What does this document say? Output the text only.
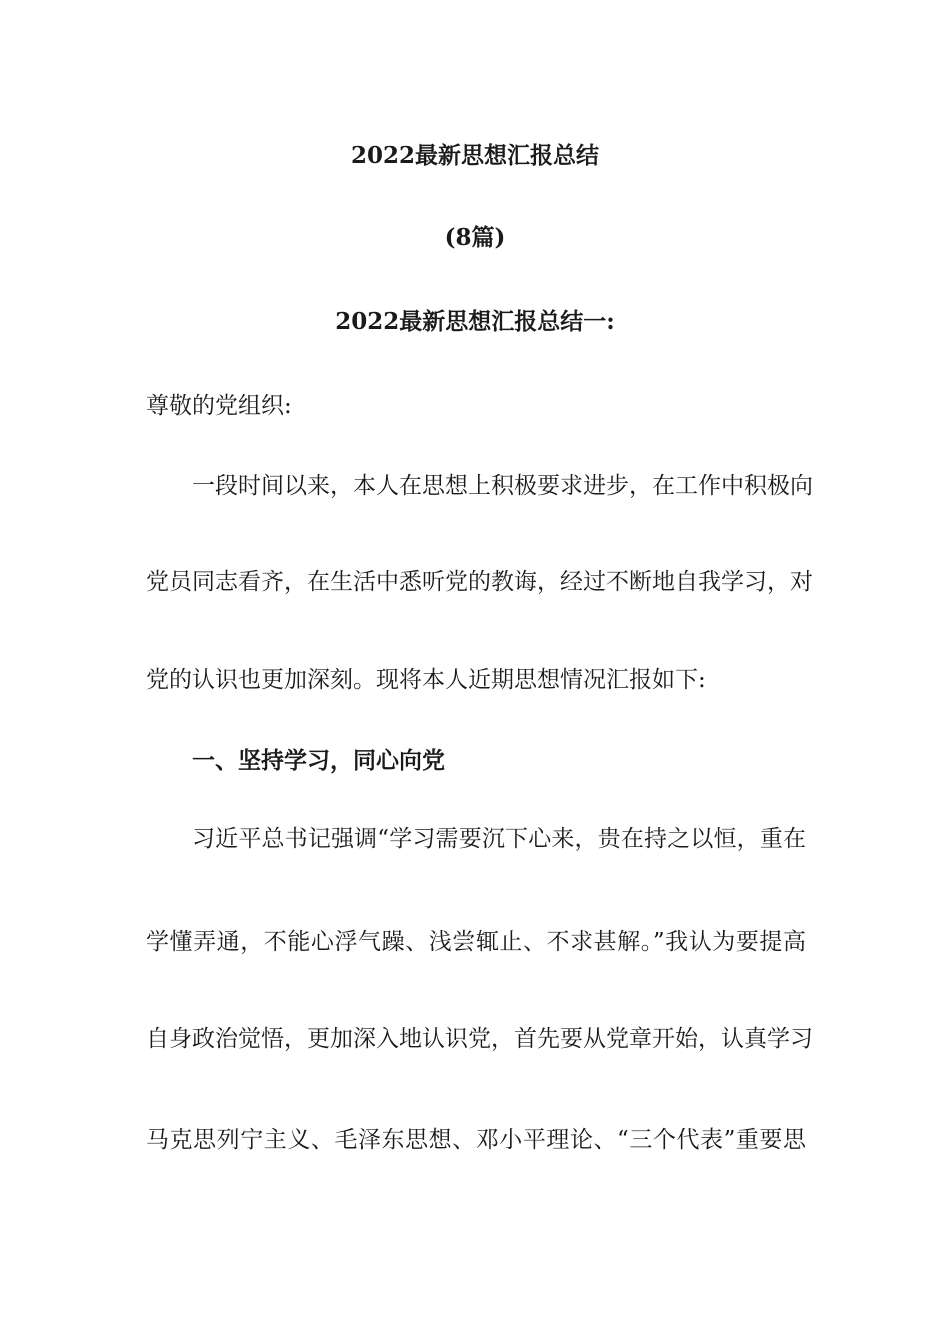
2022最新思想汇报总结
(8篇)
2022最新思想汇报总结一:
尊敬的党组织:
一段时间以来，本人在思想上积极要求进步，在工作中积极向
党员同志看齐，在生活中悉听党的教诲，经过不断地自我学习，对
党的认识也更加深刻。现将本人近期思想情况汇报如下:
一、坚持学习，同心向党
习近平总书记强调“学习需要沉下心来，贵在持之以恒，重在
学懂弄通，不能心浮气躁、浅尝辄止、不求甚解。”我认为要提高
自身政治觉悟，更加深入地认识党，首先要从党章开始，认真学习
马克思列宁主义、毛泽东思想、邓小平理论、“三个代表”重要思
